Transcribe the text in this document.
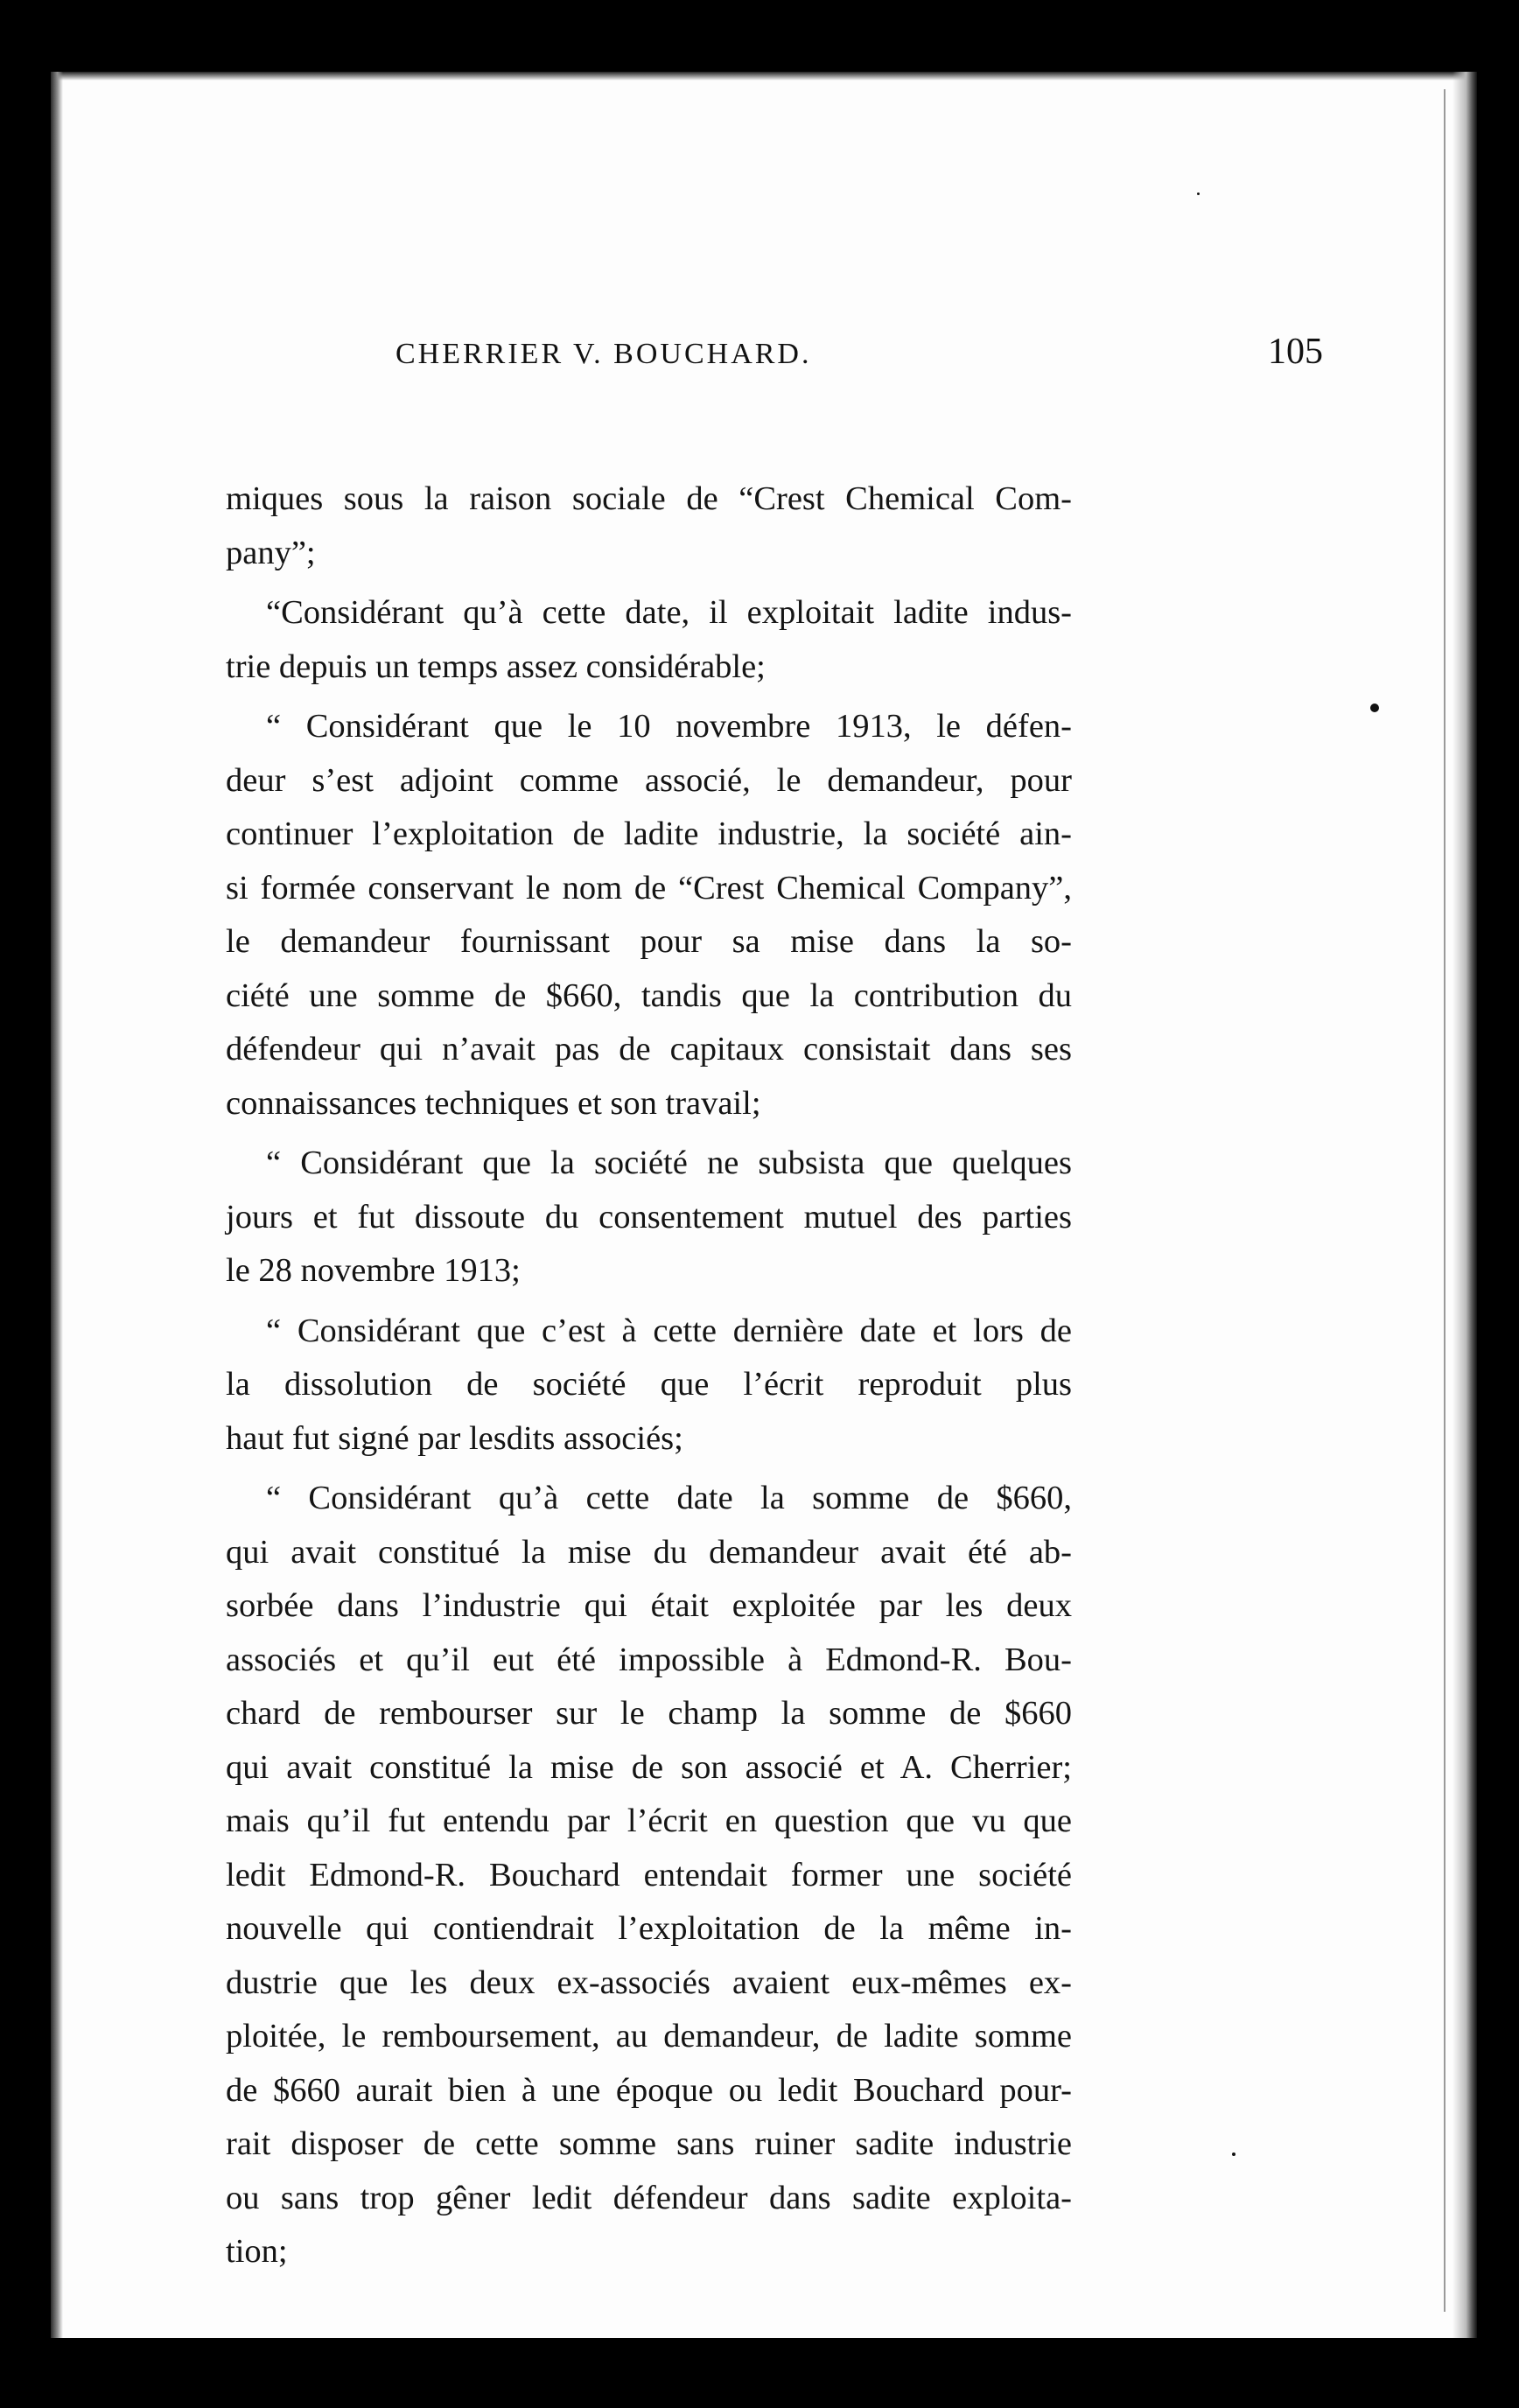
CHERRIER V. BOUCHARD.	105
miques sous la raison sociale de “Crest Chemical Com-
pany”;
“Considérant qu’à cette date, il exploitait ladite indus-
trie depuis un temps assez considérable;
“ Considérant que le 10 novembre 1913, le défen-
deur s’est adjoint comme associé, le demandeur, pour
continuer l’exploitation de ladite industrie, la société ain-
si formée conservant le nom de “Crest Chemical Company”,
le demandeur fournissant pour sa mise dans la so-
ciété une somme de $660, tandis que la contribution du
défendeur qui n’avait pas de capitaux consistait dans ses
connaissances techniques et son travail;
“ Considérant que la société ne subsista que quelques
jours et fut dissoute du consentement mutuel des parties
le 28 novembre 1913;
“ Considérant que c’est à cette dernière date et lors de
la dissolution de société que l’écrit reproduit plus
haut fut signé par lesdits associés;
“ Considérant qu’à cette date la somme de $660,
qui avait constitué la mise du demandeur avait été ab-
sorbée dans l’industrie qui était exploitée par les deux
associés et qu’il eut été impossible à Edmond-R. Bou-
chard de rembourser sur le champ la somme de $660
qui avait constitué la mise de son associé et A. Cherrier;
mais qu’il fut entendu par l’écrit en question que vu que
ledit Edmond-R. Bouchard entendait former une société
nouvelle qui contiendrait l’exploitation de la même in-
dustrie que les deux ex-associés avaient eux-mêmes ex-
ploitée, le remboursement, au demandeur, de ladite somme
de $660 aurait bien à une époque ou ledit Bouchard pour-
rait disposer de cette somme sans ruiner sadite industrie
ou sans trop gêner ledit défendeur dans sadite exploita-
tion;
